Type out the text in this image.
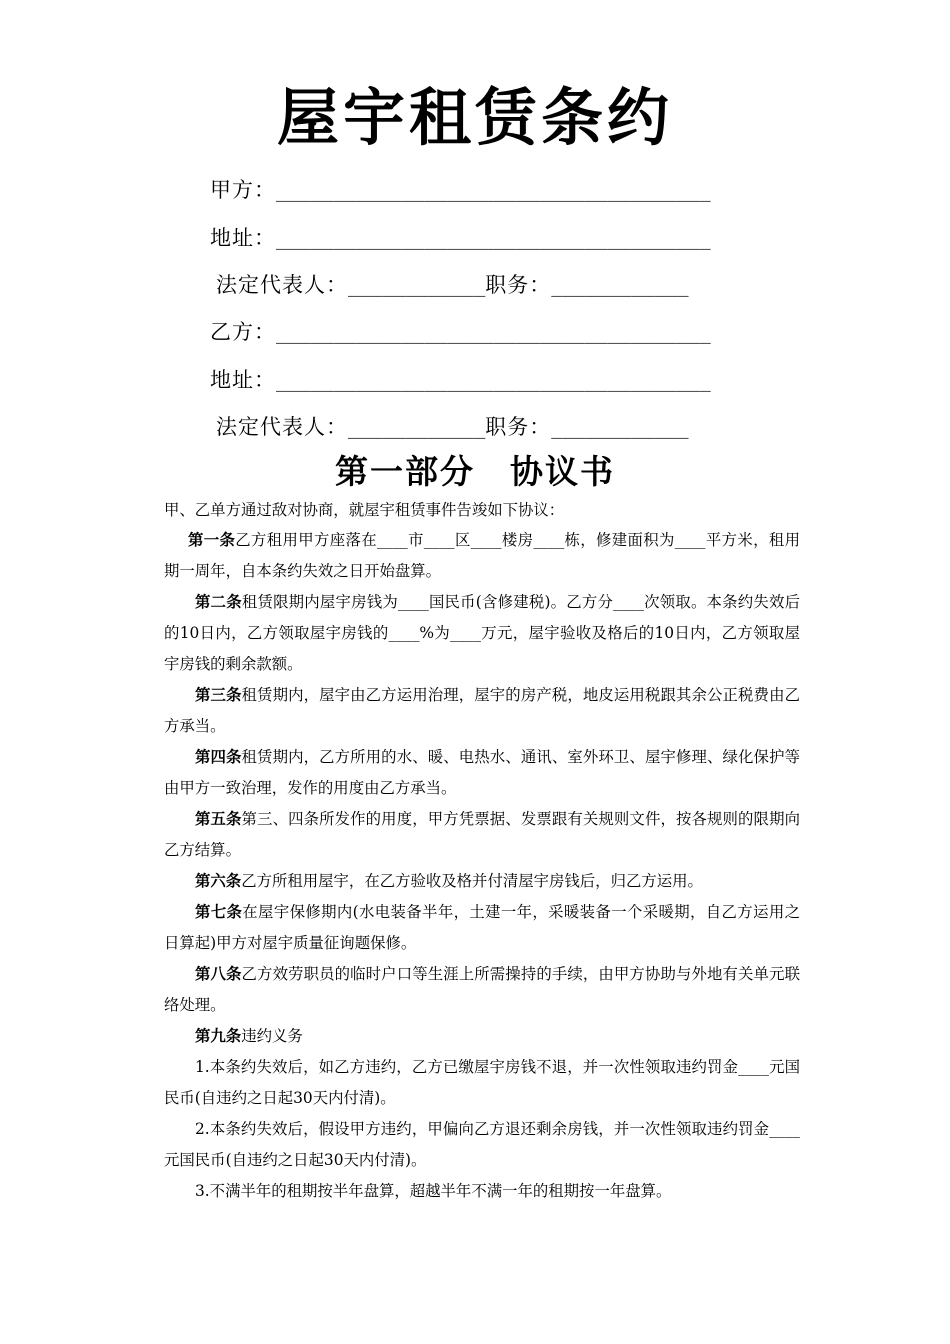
屋宇租赁条约
甲方：______________________________________
地址：______________________________________
法定代表人：____________职务：____________
乙方：______________________________________
地址：______________________________________
法定代表人：____________职务：____________
第一部分　协议书
甲、乙单方通过敌对协商，就屋宇租赁事件告竣如下协议：

第一条乙方租用甲方座落在____市____区____楼房____栋，修建面积为____平方米，租用期一周年，自本条约失效之日开始盘算。

第二条租赁限期内屋宇房钱为____国民币(含修建税)。乙方分____次领取。本条约失效后的10日内，乙方领取屋宇房钱的____%为____万元，屋宇验收及格后的10日内，乙方领取屋宇房钱的剩余款额。

第三条租赁期内，屋宇由乙方运用治理，屋宇的房产税，地皮运用税跟其余公正税费由乙方承当。

第四条租赁期内，乙方所用的水、暖、电热水、通讯、室外环卫、屋宇修理、绿化保护等由甲方一致治理，发作的用度由乙方承当。

第五条第三、四条所发作的用度，甲方凭票据、发票跟有关规则文件，按各规则的限期向乙方结算。

第六条乙方所租用屋宇，在乙方验收及格并付清屋宇房钱后，归乙方运用。

第七条在屋宇保修期内(水电装备半年，土建一年，采暖装备一个采暖期，自乙方运用之日算起)甲方对屋宇质量征询题保修。

第八条乙方效劳职员的临时户口等生涯上所需操持的手续，由甲方协助与外地有关单元联络处理。

第九条违约义务

1.本条约失效后，如乙方违约，乙方已缴屋宇房钱不退，并一次性领取违约罚金____元国民币(自违约之日起30天内付清)。

2.本条约失效后，假设甲方违约，甲偏向乙方退还剩余房钱，并一次性领取违约罚金____元国民币(自违约之日起30天内付清)。

3.不满半年的租期按半年盘算，超越半年不满一年的租期按一年盘算。
